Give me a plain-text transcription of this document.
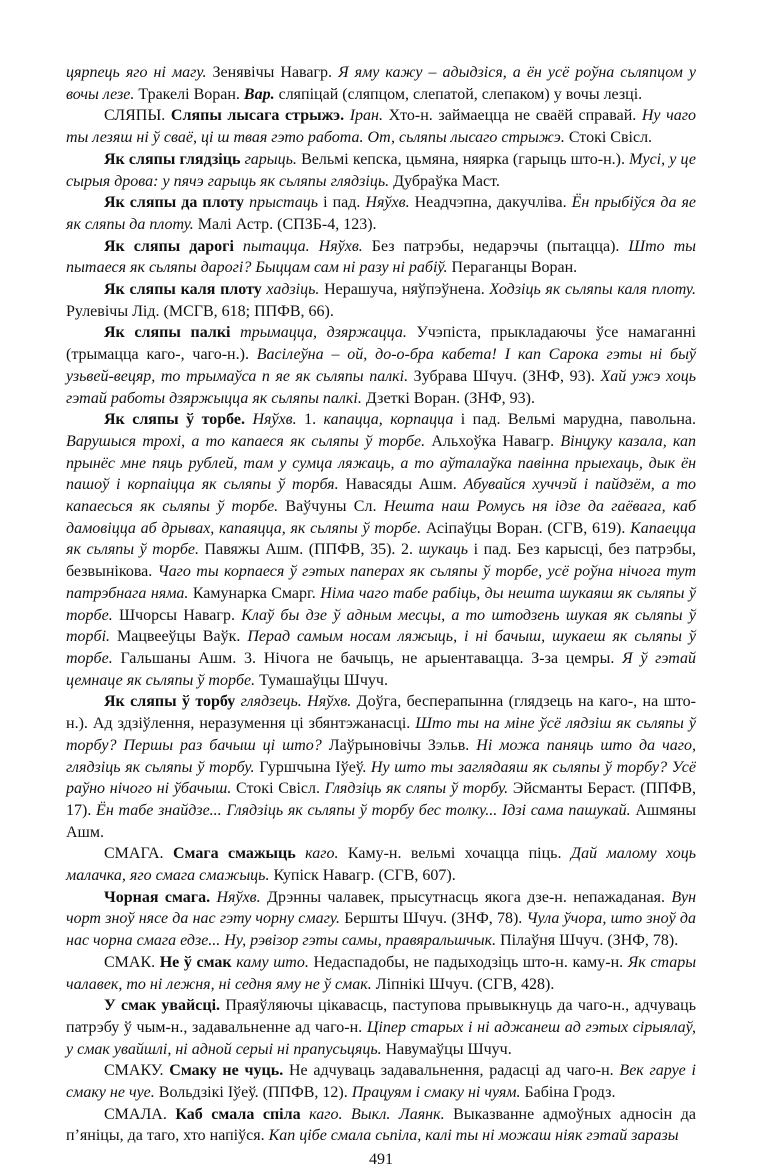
цярпець яго ні магу. Зенявічы Навагр. Я яму кажу – адыдзіся, а ён усё роўна сьляпцом у вочы лезе. Тракелі Воран. Вар. сляпіцай (сляпцом, слепатой, слепаком) у вочы лезці.

СЛЯПЫ. Сляпы лысага стрыжэ. Іран. Хто-н. займаецца не сваёй справай. Ну чаго ты лезяш ні ў сваё, ці ш твая гэто работа. От, сьляпы лысаго стрыжэ. Стокі Свісл.

Як сляпы глядзіць гарыць. Вельмі кепска, цьмяна, няярка (гарыць што-н.). Мусі, у це сырыя дрова: у пячэ гарыць як сьляпы глядзіць. Дубраўка Маст.

Як сляпы да плоту прыстаць і пад. Няўхв. Неадчэпна, дакучліва. Ён прыбіўся да яе як сляпы да плоту. Малі Астр. (СПЗБ-4, 123).

Як сляпы дарогі пытацца. Няўхв. Без патрэбы, недарэчы (пытацца). Што ты пытаеся як сьляпы дарогі? Быццам сам ні разу ні рабіў. Пераганцы Воран.

Як сляпы каля плоту хадзіць. Нерашуча, няўпэўнена. Ходзіць як сьляпы каля плоту. Рулевічы Лід. (МСГВ, 618; ППФВ, 66).

Як сляпы палкі трымацца, дзяржацца. Учэпіста, прыкладаючы ўсе намаганні (трымацца каго-, чаго-н.). Васілеўна – ой, до-о-бра кабета! І кап Сарока гэты ні быў узьвей-вецяр, то трымаўса п яе як сьляпы палкі. Зубрава Шчуч. (ЗНФ, 93). Хай ужэ хоць гэтай работы дзяржыцца як сьляпы палкі. Дзеткі Воран. (ЗНФ, 93).

Як сляпы ў торбе. Няўхв. 1. капацца, корпацца і пад. Вельмі марудна, павольна. Варушыся трохі, а то капаеся як сьляпы ў торбе. Альхоўка Навагр. Вінцуку казала, кап прынёс мне пяць рублей, там у сумца ляжаць, а то аўталаўка павінна прыехаць, дык ён пашоў і корпаіцца як сьляпы ў торбя. Навасяды Ашм. Абувайся хуччэй і пайдзём, а то капаесься як сьляпы ў торбе. Ваўчуны Сл. Нешта наш Ромусь ня ідзе да гаёвага, каб дамовіцца аб дрывах, капаяцца, як сьляпы ў торбе. Асіпаўцы Воран. (СГВ, 619). Капаецца як сьляпы ў торбе. Павяжы Ашм. (ППФВ, 35). 2. шукаць і пад. Без карысці, без патрэбы, безвынікова. Чаго ты корпаеся ў гэтых паперах як сьляпы ў торбе, усё роўна нічога тут патрэбнага няма. Камунарка Смарг. Німа чаго табе рабіць, ды нешта шукаяш як сьляпы ў торбе. Шчорсы Навагр. Клаў бы дзе ў адным месцы, а то штодзень шукая як сьляпы ў торбі. Мацвееўцы Ваўк. Перад самым носам ляжыць, і ні бачыш, шукаеш як сьляпы ў торбе. Гальшаны Ашм. 3. Нічога не бачыць, не арыентавацца. З-за цемры. Я ў гэтай цемнаце як сьляпы ў торбе. Тумашаўцы Шчуч.

Як сляпы ў торбу глядзець. Няўхв. Доўга, бесперапынна (глядзець на каго-, на што-н.). Ад здзіўлення, неразумення ці збянтэжанасці. Што ты на міне ўсё лядзіш як сьляпы ў торбу? Першы раз бачыш ці што? Лаўрыновічы Зэльв. Ні можа паняць што да чаго, глядзіць як сьляпы ў торбу. Гуршчына Іўеў. Ну што ты заглядаяш як сьляпы ў торбу? Усё раўно нічого ні ўбачыш. Стокі Свісл. Глядзіць як сляпы ў торбу. Эйсманты Бераст. (ППФВ, 17). Ён табе знайдзе... Глядзіць як сьляпы ў торбу бес толку... Ідзі сама пашукай. Ашмяны Ашм.

СМАГА. Смага смажыць каго. Каму-н. вельмі хочацца піць. Дай малому хоць малачка, яго смага смажыць. Купіск Навагр. (СГВ, 607).

Чорная смага. Няўхв. Дрэнны чалавек, прысутнасць якога дзе-н. непажаданая. Вун чорт зноў нясе да нас гэту чорну смагу. Бершты Шчуч. (ЗНФ, 78). Чула ўчора, што зноў да нас чорна смага едзе... Ну, рэвізор гэты самы, правяральшчык. Пілаўня Шчуч. (ЗНФ, 78).

СМАК. Не ў смак каму што. Недаспадобы, не падыходзіць што-н. каму-н. Як стары чалавек, то ні лежня, ні седня яму не ў смак. Ліпнікі Шчуч. (СГВ, 428).

У смак увайсці. Праяўляючы цікавасць, паступова прывыкнуць да чаго-н., адчуваць патрэбу ў чым-н., задавальненне ад чаго-н. Ціпер старых і ні аджанеш ад гэтых сірыялаў, у смак увайшлі, ні адной серыі ні прапусьцяць. Навумаўцы Шчуч.

СМАКУ. Смаку не чуць. Не адчуваць задавальнення, радасці ад чаго-н. Век гаруе і смаку не чуе. Вольдзікі Іўеў. (ППФВ, 12). Працуям і смаку ні чуям. Бабіна Гродз.

СМАЛА. Каб смала спіла каго. Выкл. Лаянк. Выказванне адмоўных адносін да п’яніцы, да таго, хто напіўся. Кап цібе смала сьпіла, калі ты ні можаш ніяк гэтай заразы

491
